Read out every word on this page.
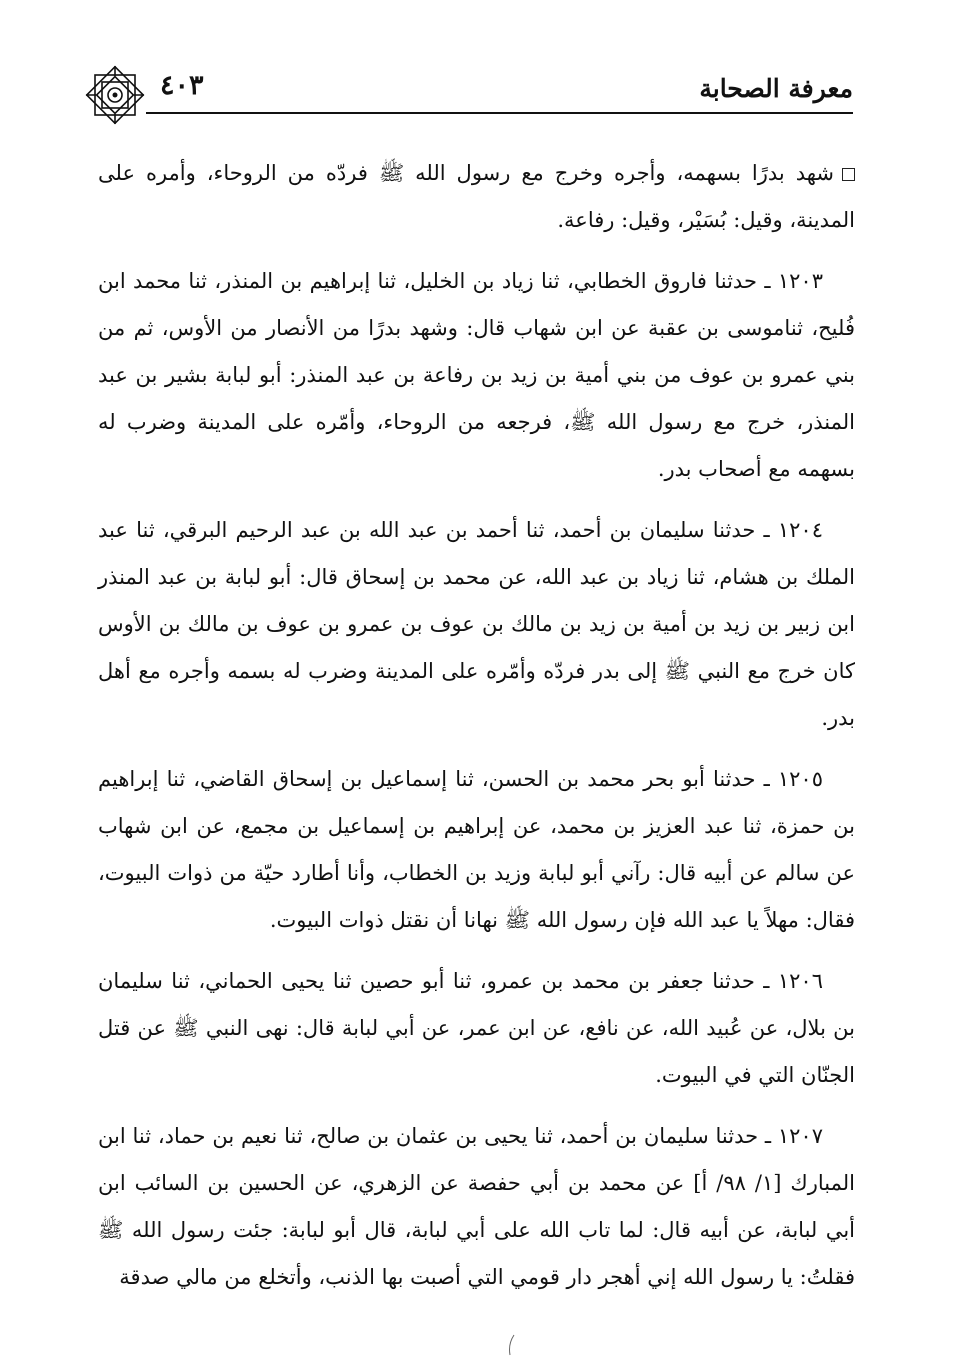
٤٠٣	معرفة الصحابة

شهد بدرًا بسهمه، وأجره وخرج مع رسول الله ﷺ فردّه من الروحاء، وأمره على المدينة، وقيل: بُسَيْر، وقيل: رفاعة.

١٢٠٣ ـ حدثنا فاروق الخطابي، ثنا زياد بن الخليل، ثنا إبراهيم بن المنذر، ثنا محمد ابن فُليح، ثناموسى بن عقبة عن ابن شهاب قال: وشهد بدرًا من الأنصار من الأوس، ثم من بني عمرو بن عوف من بني أمية بن زيد بن رفاعة بن عبد المنذر: أبو لبابة بشير بن عبد المنذر، خرج مع رسول الله ﷺ، فرجعه من الروحاء، وأمّره على المدينة وضرب له بسهمه مع أصحاب بدر.

١٢٠٤ ـ حدثنا سليمان بن أحمد، ثنا أحمد بن عبد الله بن عبد الرحيم البرقي، ثنا عبد الملك بن هشام، ثنا زياد بن عبد الله، عن محمد بن إسحاق قال: أبو لبابة بن عبد المنذر ابن زبير بن زيد بن أمية بن زيد بن مالك بن عوف بن عمرو بن عوف بن مالك بن الأوس كان خرج مع النبي ﷺ إلى بدر فردّه وأمّره على المدينة وضرب له بسمه وأجره مع أهل بدر.

١٢٠٥ ـ حدثنا أبو بحر محمد بن الحسن، ثنا إسماعيل بن إسحاق القاضي، ثنا إبراهيم بن حمزة، ثنا عبد العزيز بن محمد، عن إبراهيم بن إسماعيل بن مجمع، عن ابن شهاب عن سالم عن أبيه قال: رآني أبو لبابة وزيد بن الخطاب، وأنا أطارد حيّة من ذوات البيوت، فقال: مهلاً يا عبد الله فإن رسول الله ﷺ نهانا أن نقتل ذوات البيوت.

١٢٠٦ ـ حدثنا جعفر بن محمد بن عمرو، ثنا أبو حصين ثنا يحيى الحماني، ثنا سليمان بن بلال، عن عُبيد الله، عن نافع، عن ابن عمر، عن أبي لبابة قال: نهى النبي ﷺ عن قتل الجنّان التي في البيوت.

١٢٠٧ ـ حدثنا سليمان بن أحمد، ثنا يحيى بن عثمان بن صالح، ثنا نعيم بن حماد، ثنا ابن المبارك [١/ ٩٨/ أ] عن محمد بن أبي حفصة عن الزهري، عن الحسين بن السائب ابن أبي لبابة، عن أبيه قال: لما تاب الله على أبي لبابة، قال أبو لبابة: جئت رسول الله ﷺ فقلتُ: يا رسول الله إني أهجر دار قومي التي أصبت بها الذنب، وأتخلع من مالي صدقة
